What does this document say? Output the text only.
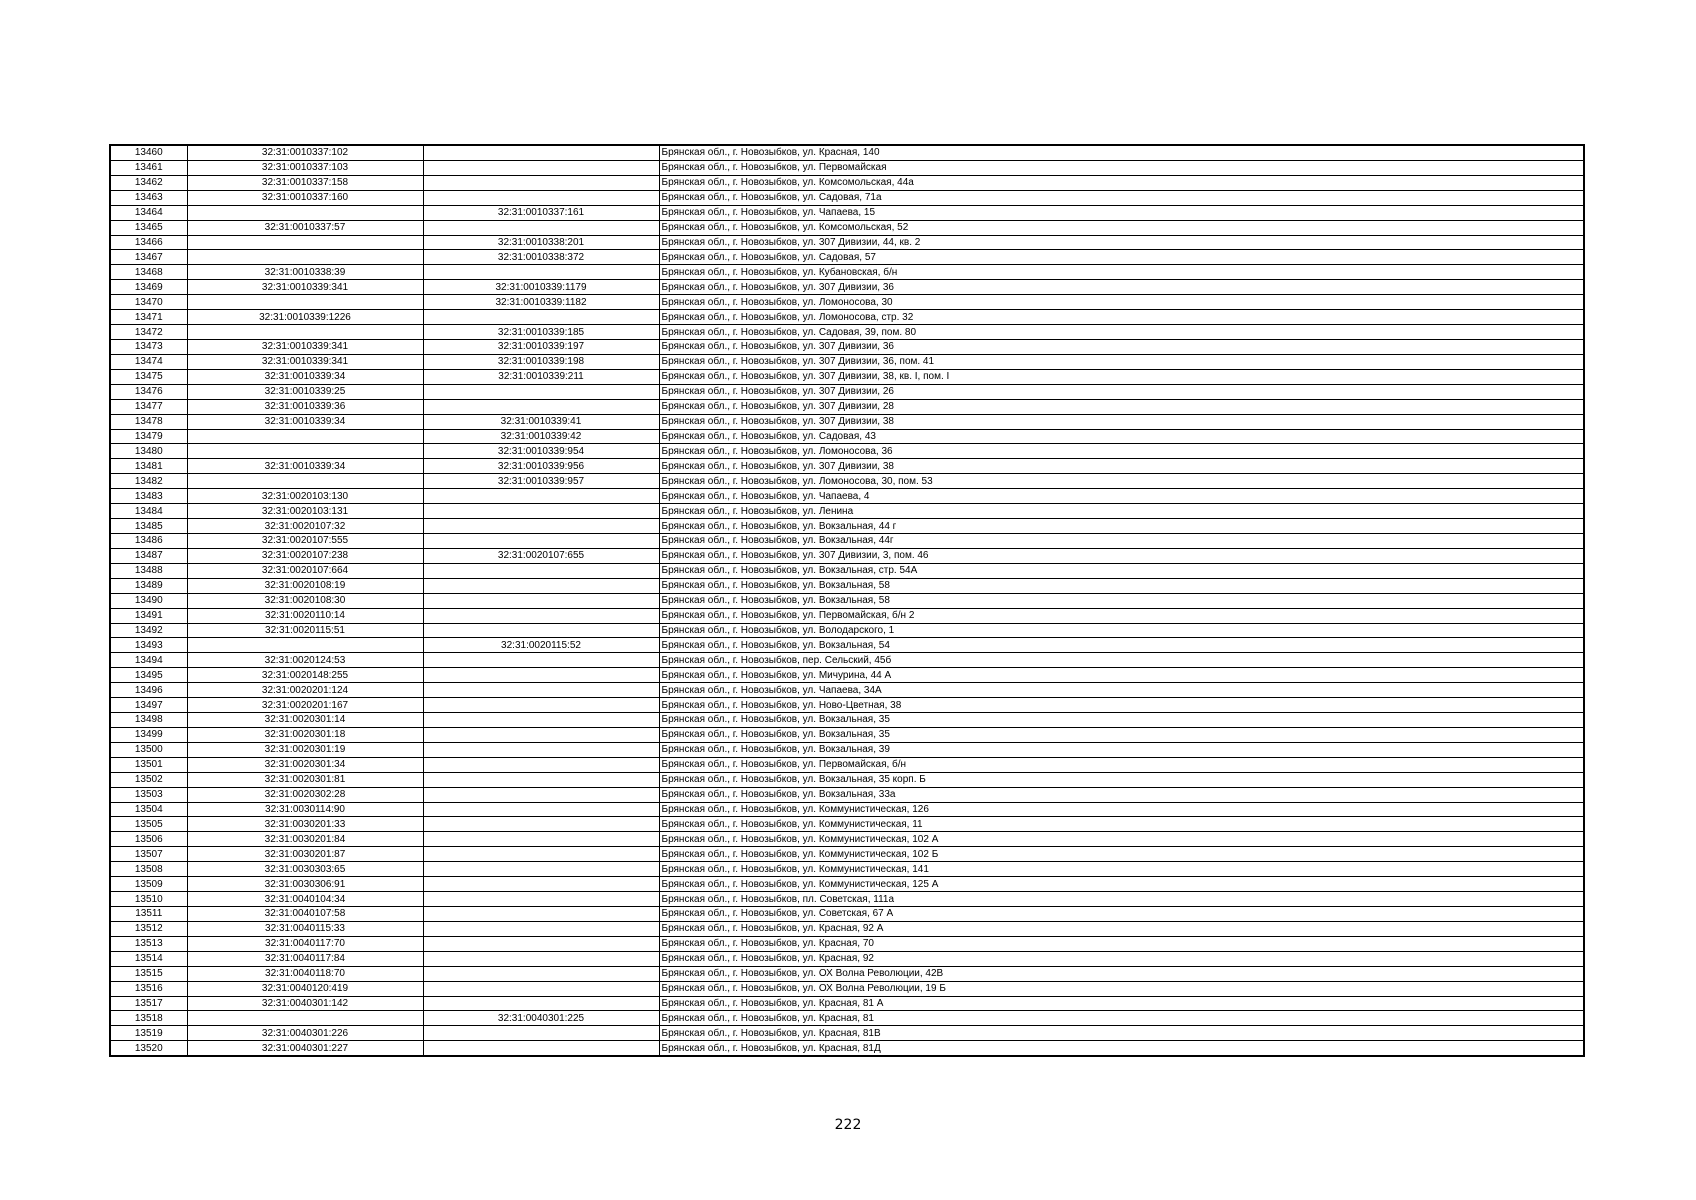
13460	32:31:0010337:102		Брянская обл., г. Новозыбков, ул. Красная, 140
13461	32:31:0010337:103		Брянская обл., г. Новозыбков, ул. Первомайская
13462	32:31:0010337:158		Брянская обл., г. Новозыбков, ул. Комсомольская, 44а
13463	32:31:0010337:160		Брянская обл., г. Новозыбков, ул. Садовая, 71а
13464		32:31:0010337:161	Брянская обл., г. Новозыбков, ул. Чапаева, 15
13465	32:31:0010337:57		Брянская обл., г. Новозыбков, ул. Комсомольская, 52
13466		32:31:0010338:201	Брянская обл., г. Новозыбков, ул. 307 Дивизии, 44, кв. 2
13467		32:31:0010338:372	Брянская обл., г. Новозыбков, ул. Садовая, 57
13468	32:31:0010338:39		Брянская обл., г. Новозыбков, ул. Кубановская, б/н
13469	32:31:0010339:341	32:31:0010339:1179	Брянская обл., г. Новозыбков, ул. 307 Дивизии, 36
13470		32:31:0010339:1182	Брянская обл., г. Новозыбков, ул. Ломоносова, 30
13471	32:31:0010339:1226		Брянская обл., г. Новозыбков, ул. Ломоносова, стр. 32
13472		32:31:0010339:185	Брянская обл., г. Новозыбков, ул. Садовая, 39, пом. 80
13473	32:31:0010339:341	32:31:0010339:197	Брянская обл., г. Новозыбков, ул. 307 Дивизии, 36
13474	32:31:0010339:341	32:31:0010339:198	Брянская обл., г. Новозыбков, ул. 307 Дивизии, 36, пом. 41
13475	32:31:0010339:34	32:31:0010339:211	Брянская обл., г. Новозыбков, ул. 307 Дивизии, 38, кв. I, пом. I
13476	32:31:0010339:25		Брянская обл., г. Новозыбков, ул. 307 Дивизии, 26
13477	32:31:0010339:36		Брянская обл., г. Новозыбков, ул. 307 Дивизии, 28
13478	32:31:0010339:34	32:31:0010339:41	Брянская обл., г. Новозыбков, ул. 307 Дивизии, 38
13479		32:31:0010339:42	Брянская обл., г. Новозыбков, ул. Садовая, 43
13480		32:31:0010339:954	Брянская обл., г. Новозыбков, ул. Ломоносова, 36
13481	32:31:0010339:34	32:31:0010339:956	Брянская обл., г. Новозыбков, ул. 307 Дивизии, 38
13482		32:31:0010339:957	Брянская обл., г. Новозыбков, ул. Ломоносова, 30, пом. 53
13483	32:31:0020103:130		Брянская обл., г. Новозыбков, ул. Чапаева, 4
13484	32:31:0020103:131		Брянская обл., г. Новозыбков, ул. Ленина
13485	32:31:0020107:32		Брянская обл., г. Новозыбков, ул. Вокзальная, 44 г
13486	32:31:0020107:555		Брянская обл., г. Новозыбков, ул. Вокзальная, 44г
13487	32:31:0020107:238	32:31:0020107:655	Брянская обл., г. Новозыбков, ул. 307 Дивизии, 3, пом. 46
13488	32:31:0020107:664		Брянская обл., г. Новозыбков, ул. Вокзальная, стр. 54А
13489	32:31:0020108:19		Брянская обл., г. Новозыбков, ул. Вокзальная, 58
13490	32:31:0020108:30		Брянская обл., г. Новозыбков, ул. Вокзальная, 58
13491	32:31:0020110:14		Брянская обл., г. Новозыбков, ул. Первомайская, б/н 2
13492	32:31:0020115:51		Брянская обл., г. Новозыбков, ул. Володарского, 1
13493		32:31:0020115:52	Брянская обл., г. Новозыбков, ул. Вокзальная, 54
13494	32:31:0020124:53		Брянская обл., г. Новозыбков, пер. Сельский, 45б
13495	32:31:0020148:255		Брянская обл., г. Новозыбков, ул. Мичурина, 44 А
13496	32:31:0020201:124		Брянская обл., г. Новозыбков, ул. Чапаева, 34А
13497	32:31:0020201:167		Брянская обл., г. Новозыбков, ул. Ново-Цветная, 38
13498	32:31:0020301:14		Брянская обл., г. Новозыбков, ул. Вокзальная, 35
13499	32:31:0020301:18		Брянская обл., г. Новозыбков, ул. Вокзальная, 35
13500	32:31:0020301:19		Брянская обл., г. Новозыбков, ул. Вокзальная, 39
13501	32:31:0020301:34		Брянская обл., г. Новозыбков, ул. Первомайская, б/н
13502	32:31:0020301:81		Брянская обл., г. Новозыбков, ул. Вокзальная, 35 корп. Б
13503	32:31:0020302:28		Брянская обл., г. Новозыбков, ул. Вокзальная, 33а
13504	32:31:0030114:90		Брянская обл., г. Новозыбков, ул. Коммунистическая, 126
13505	32:31:0030201:33		Брянская обл., г. Новозыбков, ул. Коммунистическая, 11
13506	32:31:0030201:84		Брянская обл., г. Новозыбков, ул. Коммунистическая, 102 А
13507	32:31:0030201:87		Брянская обл., г. Новозыбков, ул. Коммунистическая, 102 Б
13508	32:31:0030303:65		Брянская обл., г. Новозыбков, ул. Коммунистическая, 141
13509	32:31:0030306:91		Брянская обл., г. Новозыбков, ул. Коммунистическая, 125 А
13510	32:31:0040104:34		Брянская обл., г. Новозыбков, пл. Советская, 111а
13511	32:31:0040107:58		Брянская обл., г. Новозыбков, ул. Советская, 67 А
13512	32:31:0040115:33		Брянская обл., г. Новозыбков, ул. Красная, 92 А
13513	32:31:0040117:70		Брянская обл., г. Новозыбков, ул. Красная, 70
13514	32:31:0040117:84		Брянская обл., г. Новозыбков, ул. Красная, 92
13515	32:31:0040118:70		Брянская обл., г. Новозыбков, ул. ОХ Волна Революции, 42В
13516	32:31:0040120:419		Брянская обл., г. Новозыбков, ул. ОХ Волна Революции, 19 Б
13517	32:31:0040301:142		Брянская обл., г. Новозыбков, ул. Красная, 81 А
13518		32:31:0040301:225	Брянская обл., г. Новозыбков, ул. Красная, 81
13519	32:31:0040301:226		Брянская обл., г. Новозыбков, ул. Красная, 81В
13520	32:31:0040301:227		Брянская обл., г. Новозыбков, ул. Красная, 81Д
222
